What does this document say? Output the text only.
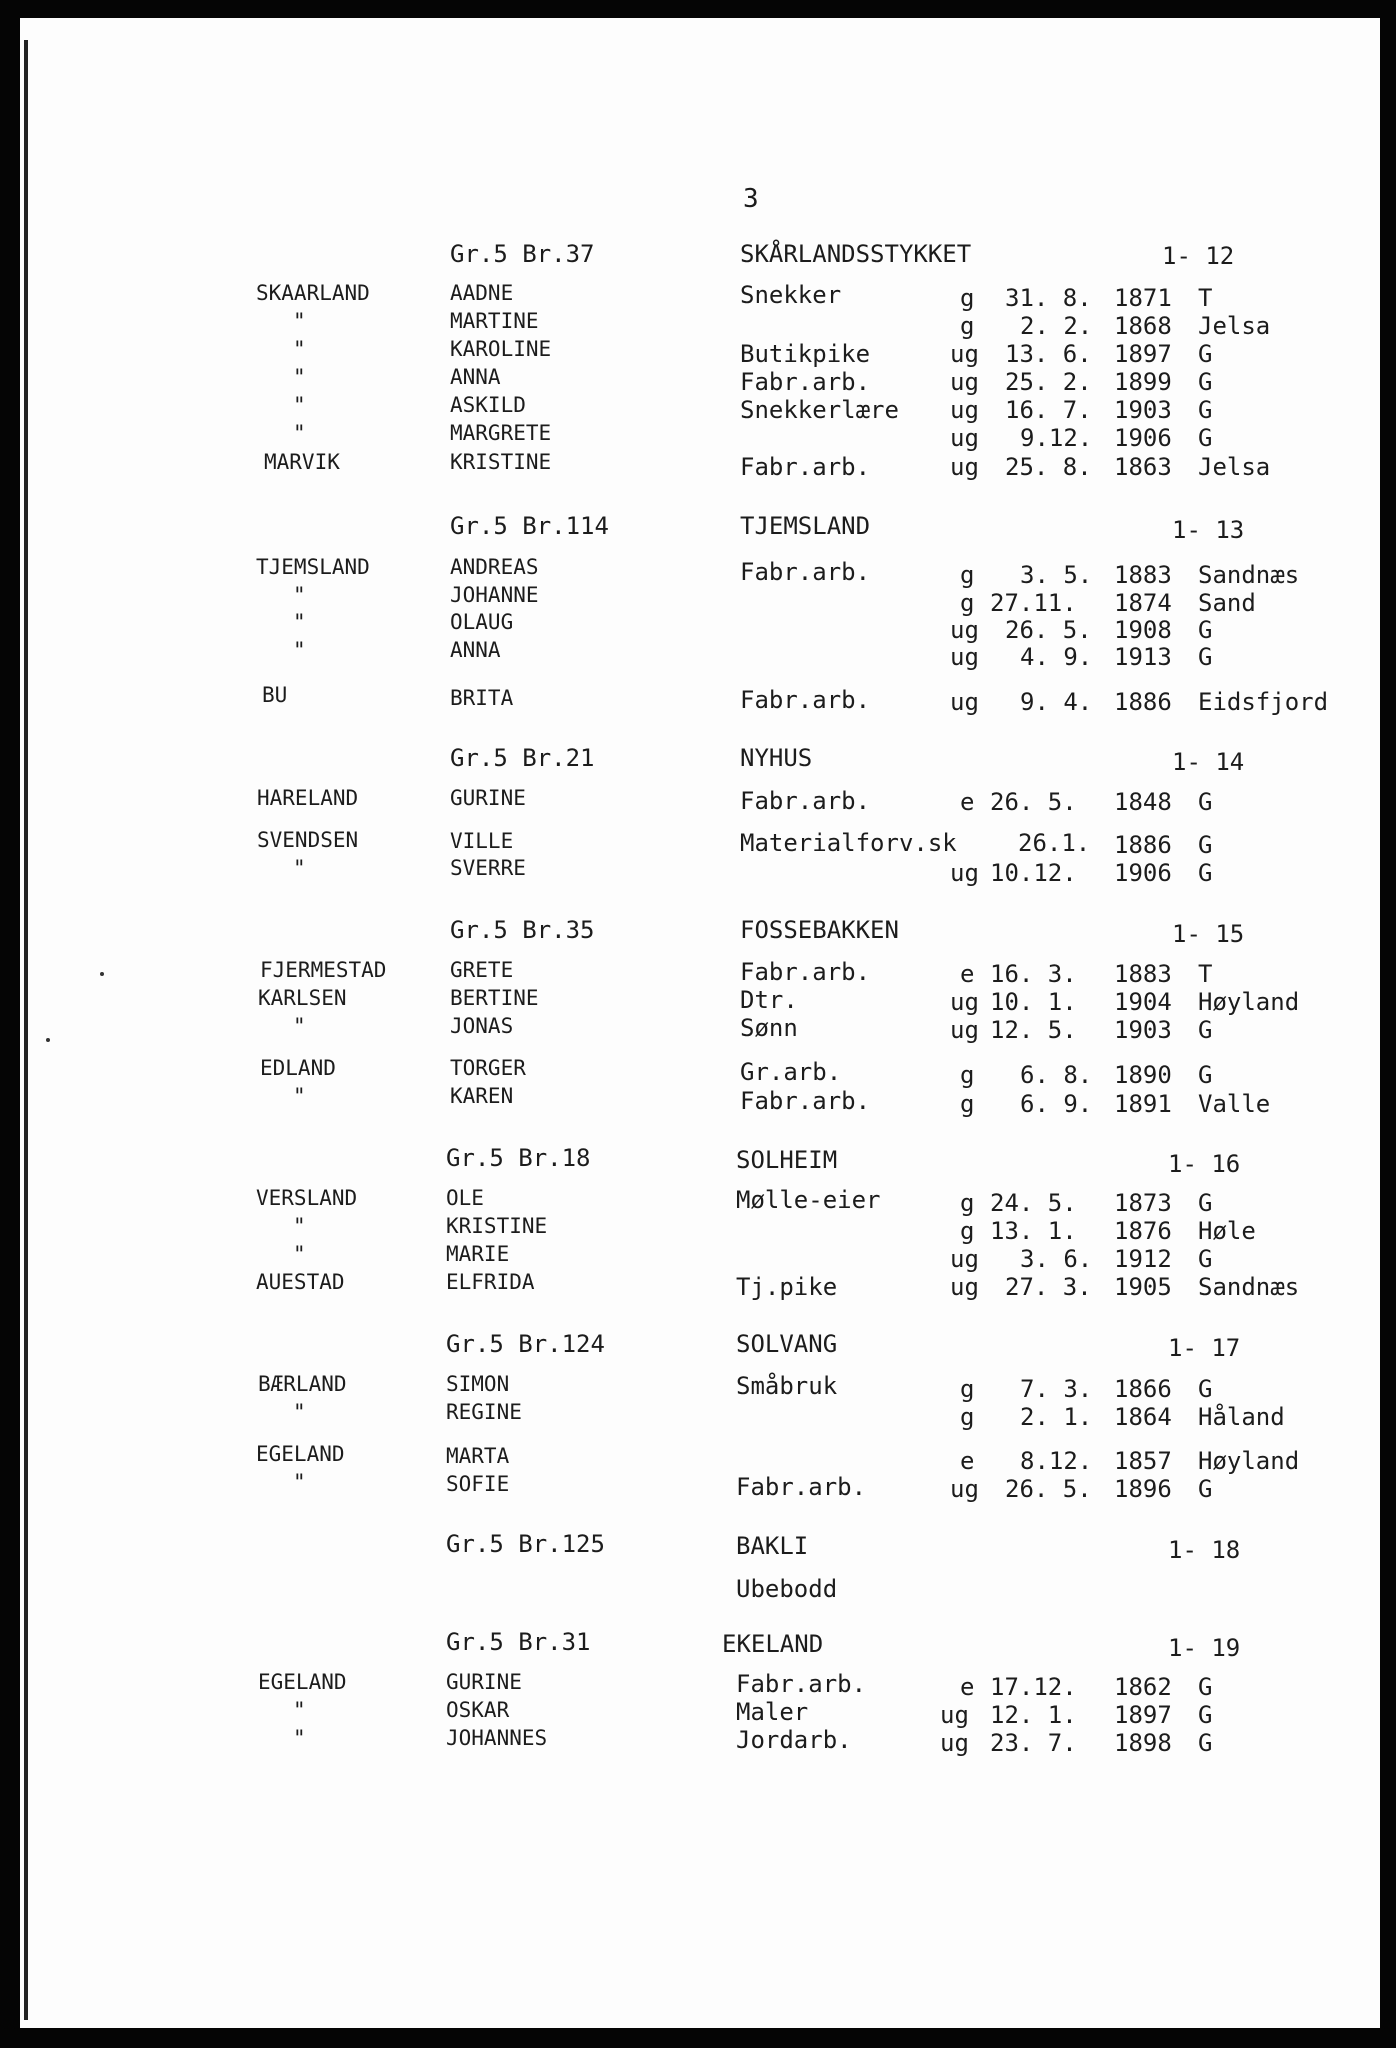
3
Gr.5 Br.37	SKÅRLANDSSTYKKET	1- 12
SKAARLAND	AADNE	Snekker	g 31. 8. 1871 T
"	MARTINE	g 2. 2. 1868 Jelsa
"	KAROLINE	Butikpike	ug 13. 6. 1897 G
"	ANNA	Fabr.arb.	ug 25. 2. 1899 G
"	ASKILD	Snekkerlære ug 16. 7. 1903 G
"	MARGRETE	ug 9.12. 1906 G
MARVIK	KRISTINE	Fabr.arb.	ug 25. 8. 1863 Jelsa
Gr.5 Br.114	TJEMSLAND	1- 13
TJEMSLAND	ANDREAS	Fabr.arb.	g 3. 5. 1883 Sandnæs
"	JOHANNE	g 27.11. 1874 Sand
"	OLAUG	ug 26. 5. 1908 G
"	ANNA	ug 4. 9. 1913 G
BU	BRITA	Fabr.arb.	ug 9. 4. 1886 Eidsfjord
Gr.5 Br.21	NYHUS	1- 14
HARELAND	GURINE	Fabr.arb.	e 26. 5. 1848 G
SVENDSEN	VILLE	Materialforv.sk	26.1. 1886 G
"	SVERRE	ug 10.12. 1906 G
Gr.5 Br.35	FOSSEBAKKEN	1- 15
FJERMESTAD	GRETE	Fabr.arb.	e 16. 3. 1883 T
KARLSEN	BERTINE	Dtr.	ug 10. 1. 1904 Høyland
"	JONAS	Sønn	ug 12. 5. 1903 G
EDLAND	TORGER	Gr.arb.	g 6. 8. 1890 G
"	KAREN	Fabr.arb.	g 6. 9. 1891 Valle
Gr.5 Br.18	SOLHEIM	1- 16
VERSLAND	OLE	Mølle-eier	g 24. 5. 1873 G
"	KRISTINE	g 13. 1. 1876 Høle
"	MARIE	ug 3. 6. 1912 G
AUESTAD	ELFRIDA	Tj.pike	ug 27. 3. 1905 Sandnæs
Gr.5 Br.124	SOLVANG	1- 17
BÆRLAND	SIMON	Småbruk	g 7. 3. 1866 G
"	REGINE	g 2. 1. 1864 Håland
EGELAND	MARTA	e 8.12. 1857 Høyland
"	SOFIE	Fabr.arb.	ug 26. 5. 1896 G
Gr.5 Br.125	BAKLI	1- 18
Ubebodd
Gr.5 Br.31	EKELAND	1- 19
EGELAND	GURINE	Fabr.arb.	e 17.12. 1862 G
"	OSKAR	Maler	ug 12. 1. 1897 G
"	JOHANNES	Jordarb.	ug 23. 7. 1898 G
